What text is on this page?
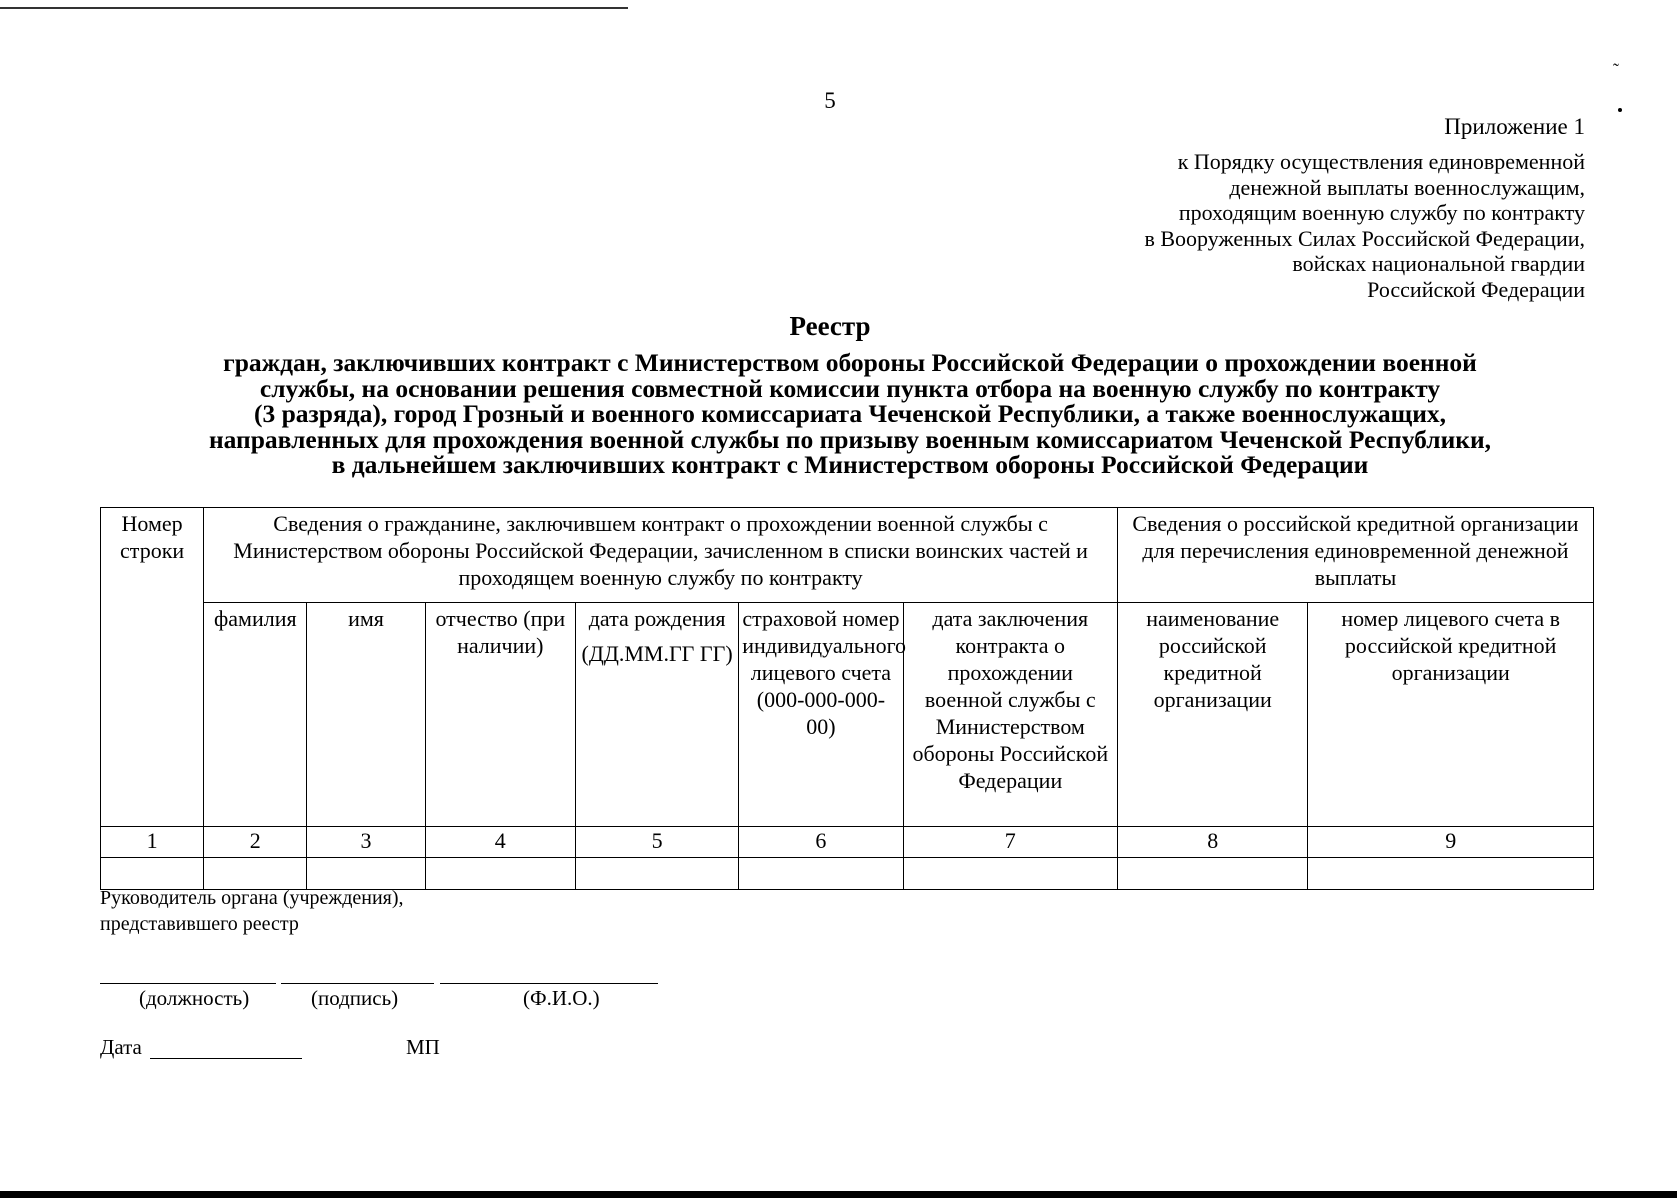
˜
5
Приложение 1
к Порядку осуществления единовременной
денежной выплаты военнослужащим,
проходящим военную службу по контракту
в Вооруженных Силах Российской Федерации,
войсках национальной гвардии
Российской Федерации
Реестр
граждан, заключивших контракт с Министерством обороны Российской Федерации о прохождении военной
службы, на основании решения совместной комиссии пункта отбора на военную службу по контракту
(3 разряда), город Грозный и военного комиссариата Чеченской Республики, а также военнослужащих,
направленных для прохождения военной службы по призыву военным комиссариатом Чеченской Республики,
в дальнейшем заключивших контракт с Министерством обороны Российской Федерации
Номер строки	Сведения о гражданине, заключившем контракт о прохождении военной службы с Министерством обороны Российской Федерации, зачисленном в списки воинских частей и проходящем военную службу по контракту						Сведения о российской кредитной организации для перечисления единовременной денежной выплаты	
	фамилия	имя	отчество (при наличии)	дата рождения
(ДД.ММ.ГГ ГГ)	страховой номер индивидуального лицевого счета (000-000-000-00)	дата заключения контракта о прохождении военной службы с Министерством обороны Российской Федерации	наименование российской кредитной организации	номер лицевого счета в российской кредитной организации
1	2	3	4	5	6	7	8	9

Руководитель органа (учреждения),
представившего реестр
(должность)	(подпись)	(Ф.И.О.)
Дата	МП
